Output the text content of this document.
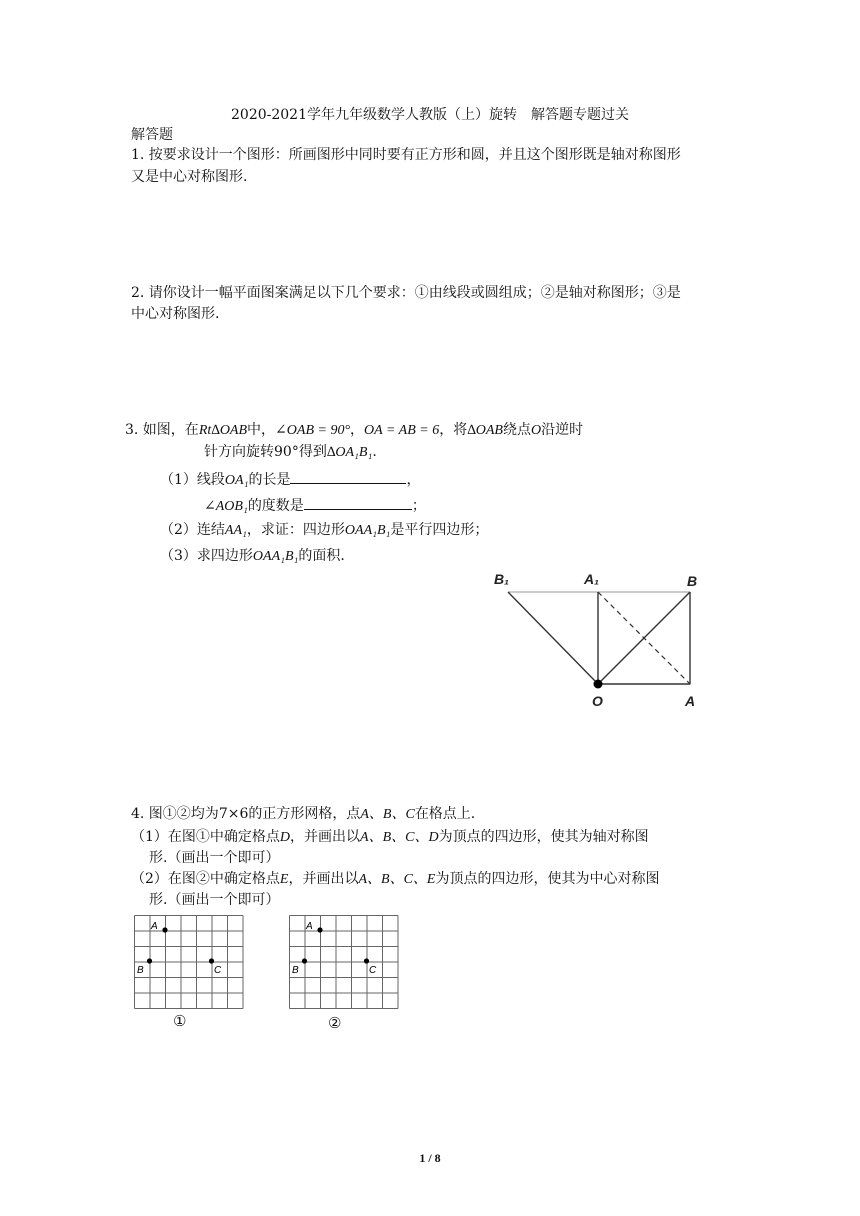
2020-2021学年九年级数学人教版（上）旋转　解答题专题过关
解答题
1. 按要求设计一个图形：所画图形中同时要有正方形和圆，并且这个图形既是轴对称图形
又是中心对称图形.
2. 请你设计一幅平面图案满足以下几个要求：①由线段或圆组成；②是轴对称图形；③是
中心对称图形.
3. 如图，在Rt∆OAB中，∠OAB = 90°，OA = AB = 6，将∆OAB绕点O沿逆时
针方向旋转90°得到∆OA₁B₁.
（1）线段OA₁的长是	，
∠AOB₁的度数是	；
（2）连结AA₁，求证：四边形OAA₁B₁是平行四边形；
（3）求四边形OAA₁B₁的面积.
B₁	A₁	B
O	A
4. 图①②均为7×6的正方形网格，点A、B、C在格点上.
（1）在图①中确定格点D，并画出以A、B、C、D为顶点的四边形，使其为轴对称图
形.（画出一个即可）
（2）在图②中确定格点E，并画出以A、B、C、E为顶点的四边形，使其为中心对称图
形.（画出一个即可）
A
B	C
①
A
B	C
②
1 / 8
